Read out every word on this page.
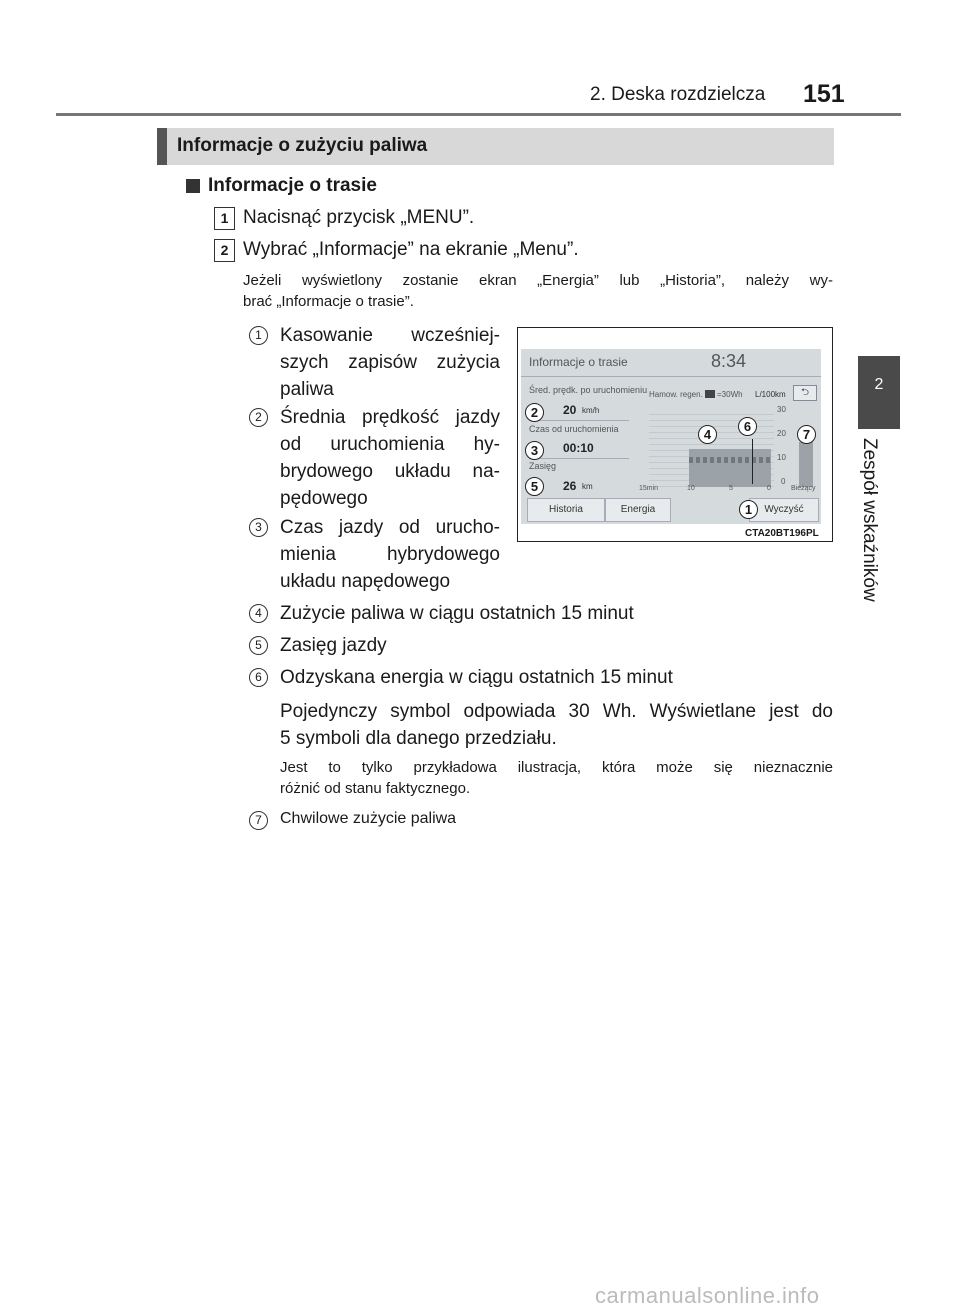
2. Deska rozdzielcza 151
2
Zespół wskaźników
Informacje o zużyciu paliwa
Informacje o trasie
1 Nacisnąć przycisk „MENU”.
2 Wybrać „Informacje” na ekranie „Menu”.
Jeżeli wyświetlony zostanie ekran „Energia” lub „Historia”, należy wy-
brać „Informacje o trasie”.
1 Kasowanie wcześniej-
szych zapisów zużycia
paliwa
2 Średnia prędkość jazdy
od uruchomienia hy-
brydowego układu na-
pędowego
3 Czas jazdy od urucho-
mienia hybrydowego
układu napędowego
4 Zużycie paliwa w ciągu ostatnich 15 minut
5 Zasięg jazdy
6 Odzyskana energia w ciągu ostatnich 15 minut
Pojedynczy symbol odpowiada 30 Wh. Wyświetlane jest do
5 symboli dla danego przedziału.
Jest to tylko przykładowa ilustracja, która może się nieznacznie
różnić od stanu faktycznego.
7	Chwilowe zużycie paliwa
Informacje o trasie	8:34
Śred. prędk. po uruchomieniu
20 km/h
Czas od uruchomienia
00:10
Zasięg
26 km
Hamow. regen. =30Wh L/100km	⮌
30
20
10
0
15min	10	5	0	Bieżący
Historia	Energia	Wyczyść
2
3
5
4
6
7
1
CTA20BT196PL
carmanualsonline.info
